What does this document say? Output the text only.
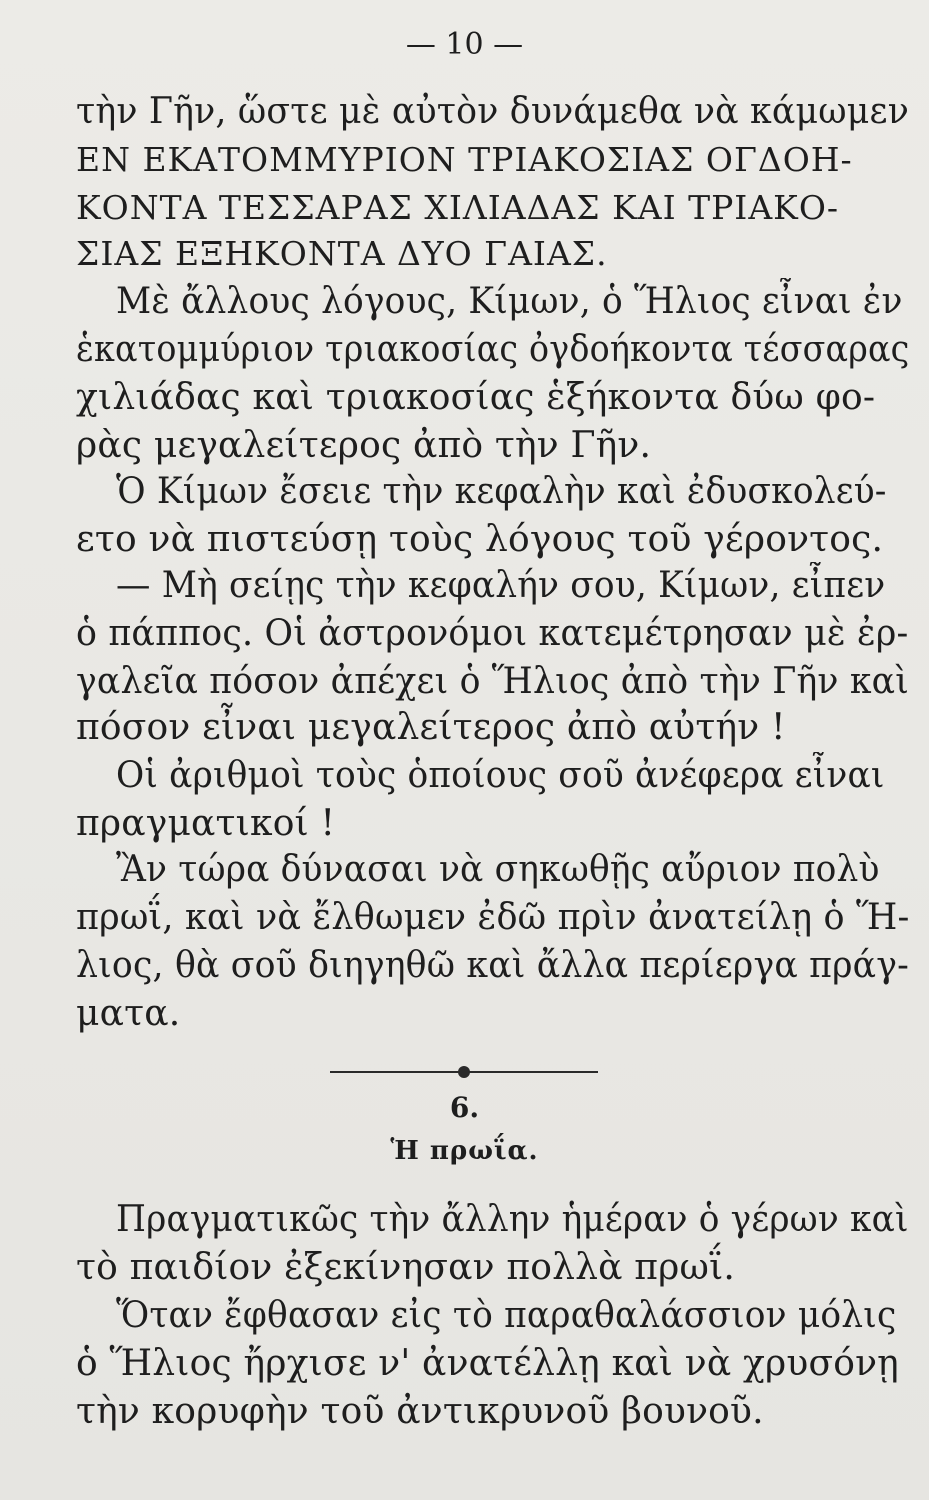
— 10 —
τὴν Γῆν, ὥστε μὲ αὐτὸν δυνάμεθα νὰ κάμωμεν
ΕΝ ΕΚΑΤΟΜΜΥΡΙΟΝ ΤΡΙΑΚΟΣΙΑΣ ΟΓΔΟΗ-
ΚΟΝΤΑ ΤΕΣΣΑΡΑΣ ΧΙΛΙΑΔΑΣ ΚΑΙ ΤΡΙΑΚΟ-
ΣΙΑΣ ΕΞΗΚΟΝΤΑ ΔΥΟ ΓΑΙΑΣ.
Μὲ ἄλλους λόγους, Κίμων, ὁ Ἥλιος εἶναι ἐν
ἑκατομμύριον τριακοσίας ὀγδοήκοντα τέσσαρας
χιλιάδας καὶ τριακοσίας ἑξήκοντα δύω φο-
ρὰς μεγαλείτερος ἀπὸ τὴν Γῆν.
Ὁ Κίμων ἔσειε τὴν κεφαλὴν καὶ ἐδυσκολεύ-
ετο νὰ πιστεύσῃ τοὺς λόγους τοῦ γέροντος.
— Μὴ σείῃς τὴν κεφαλήν σου, Κίμων, εἶπεν
ὁ πάππος. Οἱ ἀστρονόμοι κατεμέτρησαν μὲ ἐρ-
γαλεῖα πόσον ἀπέχει ὁ Ἥλιος ἀπὸ τὴν Γῆν καὶ
πόσον εἶναι μεγαλείτερος ἀπὸ αὐτήν !
Οἱ ἀριθμοὶ τοὺς ὁποίους σοῦ ἀνέφερα εἶναι
πραγματικοί !
Ἂν τώρα δύνασαι νὰ σηκωθῇς αὔριον πολὺ
πρωΐ, καὶ νὰ ἔλθωμεν ἐδῶ πρὶν ἀνατείλῃ ὁ Ἥ-
λιος, θὰ σοῦ διηγηθῶ καὶ ἄλλα περίεργα πράγ-
ματα.
6.
Ἡ πρωΐα.
Πραγματικῶς τὴν ἄλλην ἡμέραν ὁ γέρων καὶ
τὸ παιδίον ἐξεκίνησαν πολλὰ πρωΐ.
Ὅταν ἔφθασαν εἰς τὸ παραθαλάσσιον μόλις
ὁ Ἥλιος ἤρχισε ν' ἀνατέλλῃ καὶ νὰ χρυσόνῃ
τὴν κορυφὴν τοῦ ἀντικρυνοῦ βουνοῦ.
